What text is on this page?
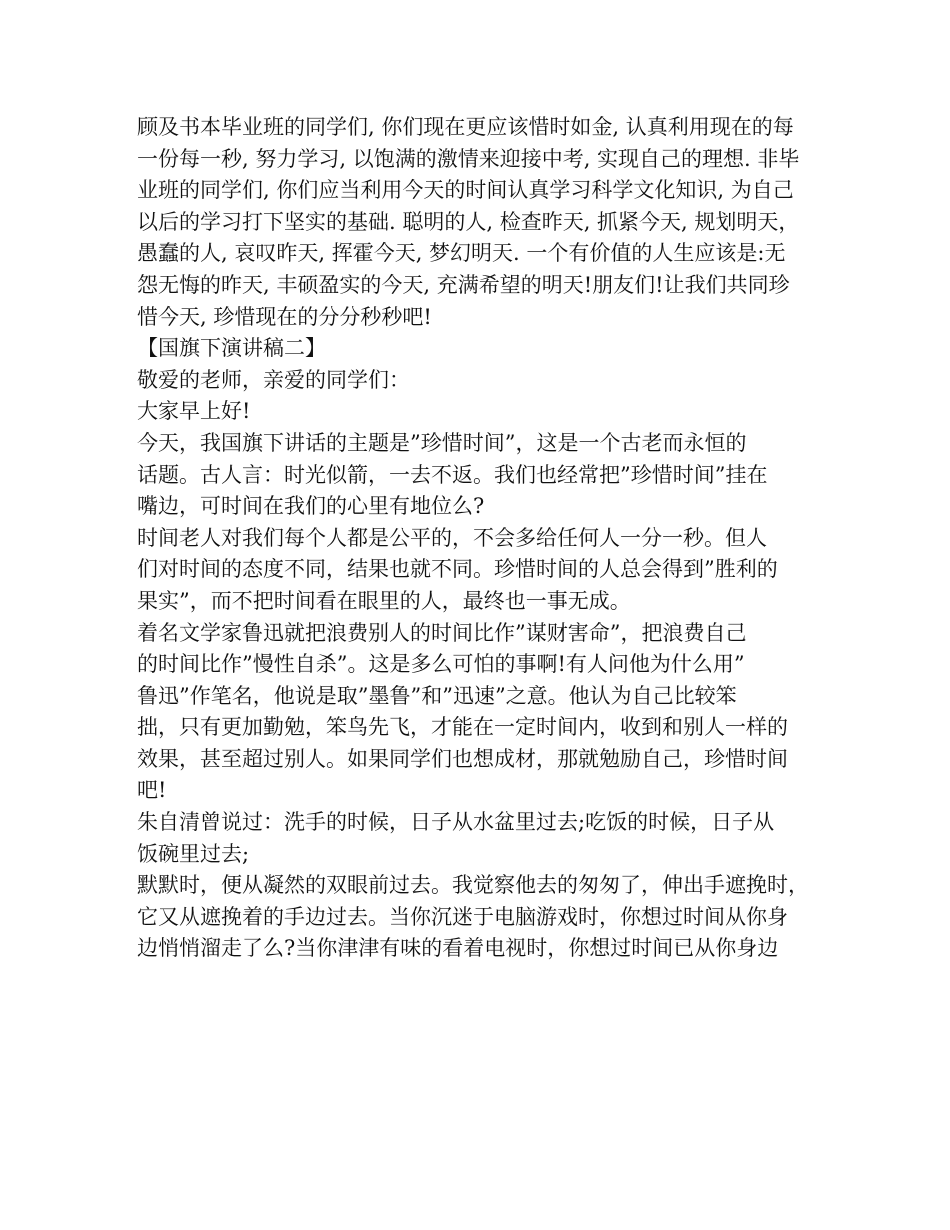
顾及书本毕业班的同学们, 你们现在更应该惜时如金, 认真利用现在的每
一份每一秒, 努力学习, 以饱满的激情来迎接中考, 实现自己的理想. 非毕
业班的同学们, 你们应当利用今天的时间认真学习科学文化知识, 为自己
以后的学习打下坚实的基础. 聪明的人, 检查昨天, 抓紧今天, 规划明天，
愚蠢的人, 哀叹昨天, 挥霍今天, 梦幻明天. 一个有价值的人生应该是:无
怨无悔的昨天, 丰硕盈实的今天, 充满希望的明天!朋友们!让我们共同珍
惜今天, 珍惜现在的分分秒秒吧!
【国旗下演讲稿二】
敬爱的老师，亲爱的同学们：
大家早上好!
今天，我国旗下讲话的主题是”珍惜时间”，这是一个古老而永恒的
话题。古人言：时光似箭，一去不返。我们也经常把”珍惜时间”挂在
嘴边，可时间在我们的心里有地位么?
时间老人对我们每个人都是公平的，不会多给任何人一分一秒。但人
们对时间的态度不同，结果也就不同。珍惜时间的人总会得到”胜利的
果实”，而不把时间看在眼里的人，最终也一事无成。
着名文学家鲁迅就把浪费别人的时间比作”谋财害命”，把浪费自己
的时间比作”慢性自杀”。这是多么可怕的事啊!有人问他为什么用”
鲁迅”作笔名，他说是取”墨鲁”和”迅速”之意。他认为自己比较笨
拙，只有更加勤勉，笨鸟先飞，才能在一定时间内，收到和别人一样的
效果，甚至超过别人。如果同学们也想成材，那就勉励自己，珍惜时间
吧!
朱自清曾说过：洗手的时候，日子从水盆里过去;吃饭的时候，日子从
饭碗里过去;
默默时，便从凝然的双眼前过去。我觉察他去的匆匆了，伸出手遮挽时，
它又从遮挽着的手边过去。当你沉迷于电脑游戏时，你想过时间从你身
边悄悄溜走了么?当你津津有味的看着电视时，你想过时间已从你身边
